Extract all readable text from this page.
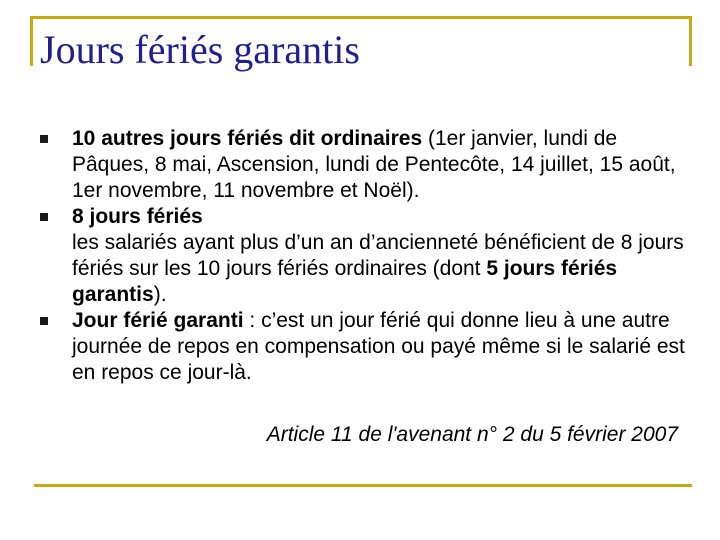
Jours fériés garantis
10 autres jours fériés dit ordinaires (1er janvier, lundi de Pâques, 8 mai, Ascension, lundi de Pentecôte, 14 juillet, 15 août, 1er novembre, 11 novembre et Noël).
8 jours fériés
les salariés ayant plus d’un an d’ancienneté bénéficient de 8 jours fériés sur les 10 jours fériés ordinaires (dont 5 jours fériés garantis).
Jour férié garanti : c’est un jour férié qui donne lieu à une autre journée de repos en compensation ou payé même si le salarié est en repos ce jour-là.
Article 11 de l'avenant n° 2 du 5 février 2007
